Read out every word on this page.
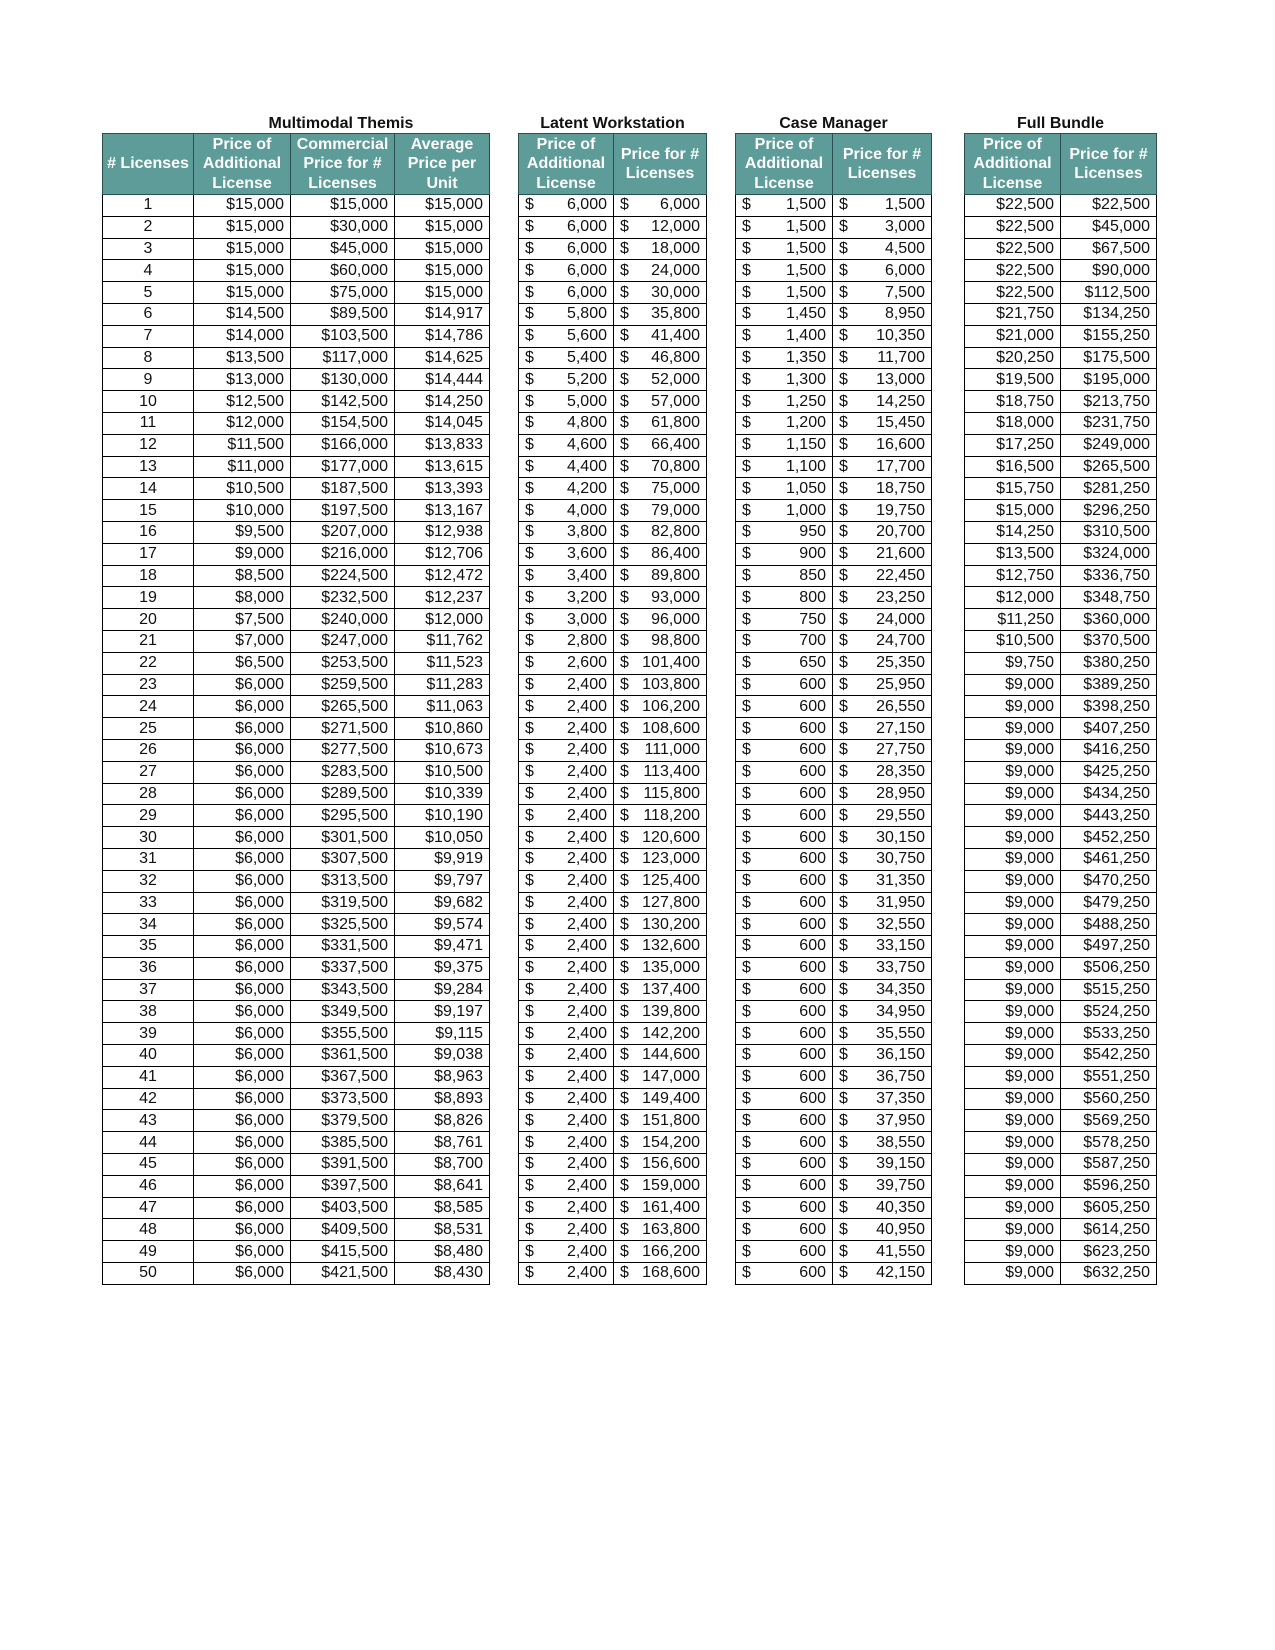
Multimodal Themis
# Licenses	Price of Additional License	Commercial Price for # Licenses	Average Price per Unit
1	$15,000	$15,000	$15,000
2	$15,000	$30,000	$15,000
3	$15,000	$45,000	$15,000
4	$15,000	$60,000	$15,000
5	$15,000	$75,000	$15,000
6	$14,500	$89,500	$14,917
7	$14,000	$103,500	$14,786
8	$13,500	$117,000	$14,625
9	$13,000	$130,000	$14,444
10	$12,500	$142,500	$14,250
11	$12,000	$154,500	$14,045
12	$11,500	$166,000	$13,833
13	$11,000	$177,000	$13,615
14	$10,500	$187,500	$13,393
15	$10,000	$197,500	$13,167
16	$9,500	$207,000	$12,938
17	$9,000	$216,000	$12,706
18	$8,500	$224,500	$12,472
19	$8,000	$232,500	$12,237
20	$7,500	$240,000	$12,000
21	$7,000	$247,000	$11,762
22	$6,500	$253,500	$11,523
23	$6,000	$259,500	$11,283
24	$6,000	$265,500	$11,063
25	$6,000	$271,500	$10,860
26	$6,000	$277,500	$10,673
27	$6,000	$283,500	$10,500
28	$6,000	$289,500	$10,339
29	$6,000	$295,500	$10,190
30	$6,000	$301,500	$10,050
31	$6,000	$307,500	$9,919
32	$6,000	$313,500	$9,797
33	$6,000	$319,500	$9,682
34	$6,000	$325,500	$9,574
35	$6,000	$331,500	$9,471
36	$6,000	$337,500	$9,375
37	$6,000	$343,500	$9,284
38	$6,000	$349,500	$9,197
39	$6,000	$355,500	$9,115
40	$6,000	$361,500	$9,038
41	$6,000	$367,500	$8,963
42	$6,000	$373,500	$8,893
43	$6,000	$379,500	$8,826
44	$6,000	$385,500	$8,761
45	$6,000	$391,500	$8,700
46	$6,000	$397,500	$8,641
47	$6,000	$403,500	$8,585
48	$6,000	$409,500	$8,531
49	$6,000	$415,500	$8,480
50	$6,000	$421,500	$8,430
Latent Workstation
Price of Additional License	Price for # Licenses

$ 6,000	$ 6,000

$ 6,000	$ 12,000

$ 6,000	$ 18,000

$ 6,000	$ 24,000

$ 6,000	$ 30,000

$ 5,800	$ 35,800

$ 5,600	$ 41,400

$ 5,400	$ 46,800

$ 5,200	$ 52,000

$ 5,000	$ 57,000

$ 4,800	$ 61,800

$ 4,600	$ 66,400

$ 4,400	$ 70,800

$ 4,200	$ 75,000

$ 4,000	$ 79,000

$ 3,800	$ 82,800

$ 3,600	$ 86,400

$ 3,400	$ 89,800

$ 3,200	$ 93,000

$ 3,000	$ 96,000

$ 2,800	$ 98,800

$ 2,600	$ 101,400

$ 2,400	$ 103,800

$ 2,400	$ 106,200

$ 2,400	$ 108,600

$ 2,400	$ 111,000

$ 2,400	$ 113,400

$ 2,400	$ 115,800

$ 2,400	$ 118,200

$ 2,400	$ 120,600

$ 2,400	$ 123,000

$ 2,400	$ 125,400

$ 2,400	$ 127,800

$ 2,400	$ 130,200

$ 2,400	$ 132,600

$ 2,400	$ 135,000

$ 2,400	$ 137,400

$ 2,400	$ 139,800

$ 2,400	$ 142,200

$ 2,400	$ 144,600

$ 2,400	$ 147,000

$ 2,400	$ 149,400

$ 2,400	$ 151,800

$ 2,400	$ 154,200

$ 2,400	$ 156,600

$ 2,400	$ 159,000

$ 2,400	$ 161,400

$ 2,400	$ 163,800

$ 2,400	$ 166,200

$ 2,400	$ 168,600
Case Manager
Price of Additional License	Price for # Licenses

$ 1,500	$ 1,500

$ 1,500	$ 3,000

$ 1,500	$ 4,500

$ 1,500	$ 6,000

$ 1,500	$ 7,500

$ 1,450	$ 8,950

$ 1,400	$ 10,350

$ 1,350	$ 11,700

$ 1,300	$ 13,000

$ 1,250	$ 14,250

$ 1,200	$ 15,450

$ 1,150	$ 16,600

$ 1,100	$ 17,700

$ 1,050	$ 18,750

$ 1,000	$ 19,750

$ 950	$ 20,700

$ 900	$ 21,600

$ 850	$ 22,450

$ 800	$ 23,250

$ 750	$ 24,000

$ 700	$ 24,700

$ 650	$ 25,350

$ 600	$ 25,950

$ 600	$ 26,550

$ 600	$ 27,150

$ 600	$ 27,750

$ 600	$ 28,350

$ 600	$ 28,950

$ 600	$ 29,550

$ 600	$ 30,150

$ 600	$ 30,750

$ 600	$ 31,350

$ 600	$ 31,950

$ 600	$ 32,550

$ 600	$ 33,150

$ 600	$ 33,750

$ 600	$ 34,350

$ 600	$ 34,950

$ 600	$ 35,550

$ 600	$ 36,150

$ 600	$ 36,750

$ 600	$ 37,350

$ 600	$ 37,950

$ 600	$ 38,550

$ 600	$ 39,150

$ 600	$ 39,750

$ 600	$ 40,350

$ 600	$ 40,950

$ 600	$ 41,550

$ 600	$ 42,150
Full Bundle
Price of Additional License	Price for # Licenses
$22,500	$22,500
$22,500	$45,000
$22,500	$67,500
$22,500	$90,000
$22,500	$112,500
$21,750	$134,250
$21,000	$155,250
$20,250	$175,500
$19,500	$195,000
$18,750	$213,750
$18,000	$231,750
$17,250	$249,000
$16,500	$265,500
$15,750	$281,250
$15,000	$296,250
$14,250	$310,500
$13,500	$324,000
$12,750	$336,750
$12,000	$348,750
$11,250	$360,000
$10,500	$370,500
$9,750	$380,250
$9,000	$389,250
$9,000	$398,250
$9,000	$407,250
$9,000	$416,250
$9,000	$425,250
$9,000	$434,250
$9,000	$443,250
$9,000	$452,250
$9,000	$461,250
$9,000	$470,250
$9,000	$479,250
$9,000	$488,250
$9,000	$497,250
$9,000	$506,250
$9,000	$515,250
$9,000	$524,250
$9,000	$533,250
$9,000	$542,250
$9,000	$551,250
$9,000	$560,250
$9,000	$569,250
$9,000	$578,250
$9,000	$587,250
$9,000	$596,250
$9,000	$605,250
$9,000	$614,250
$9,000	$623,250
$9,000	$632,250
